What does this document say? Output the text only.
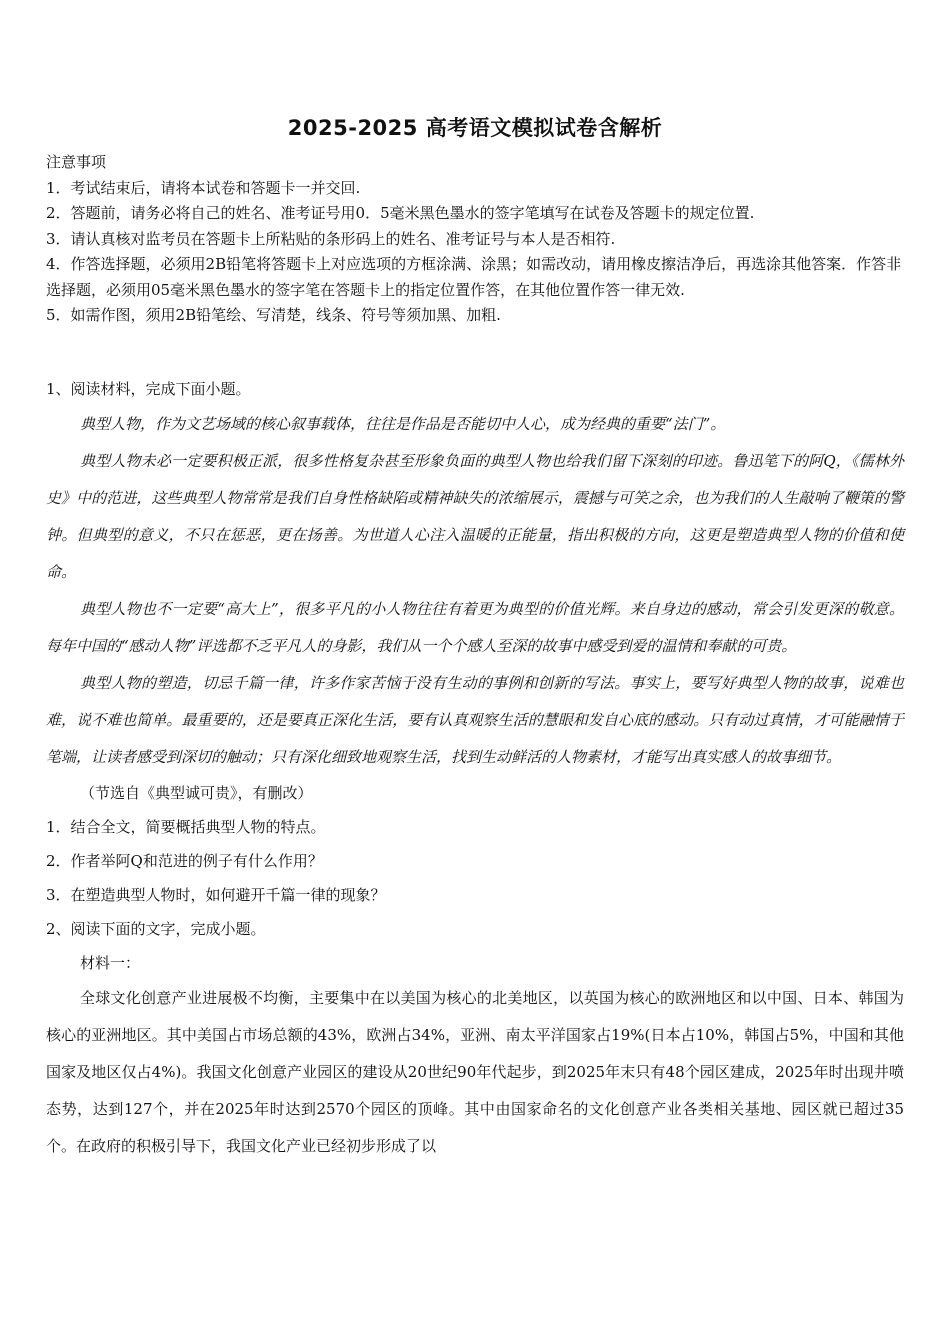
2025-2025 高考语文模拟试卷含解析
注意事项
1．考试结束后，请将本试卷和答题卡一并交回.
2．答题前，请务必将自己的姓名、准考证号用0．5毫米黑色墨水的签字笔填写在试卷及答题卡的规定位置.
3．请认真核对监考员在答题卡上所粘贴的条形码上的姓名、准考证号与本人是否相符.
4．作答选择题，必须用2B铅笔将答题卡上对应选项的方框涂满、涂黑；如需改动，请用橡皮擦洁净后，再选涂其他答案．作答非选择题，必须用05毫米黑色墨水的签字笔在答题卡上的指定位置作答，在其他位置作答一律无效.
5．如需作图，须用2B铅笔绘、写清楚，线条、符号等须加黑、加粗.
1、阅读材料，完成下面小题。
典型人物，作为文艺场域的核心叙事载体，往往是作品是否能切中人心，成为经典的重要“法门”。
典型人物未必一定要积极正派，很多性格复杂甚至形象负面的典型人物也给我们留下深刻的印迹。鲁迅笔下的阿Q，《儒林外史》中的范进，这些典型人物常常是我们自身性格缺陷或精神缺失的浓缩展示，震撼与可笑之余，也为我们的人生敲响了鞭策的警钟。但典型的意义，不只在惩恶，更在扬善。为世道人心注入温暖的正能量，指出积极的方向，这更是塑造典型人物的价值和使命。
典型人物也不一定要“高大上”，很多平凡的小人物往往有着更为典型的价值光辉。来自身边的感动，常会引发更深的敬意。每年中国的“感动人物”评选都不乏平凡人的身影，我们从一个个感人至深的故事中感受到爱的温情和奉献的可贵。
典型人物的塑造，切忌千篇一律，许多作家苦恼于没有生动的事例和创新的写法。事实上，要写好典型人物的故事，说难也难，说不难也简单。最重要的，还是要真正深化生活，要有认真观察生活的慧眼和发自心底的感动。只有动过真情，才可能融情于笔端，让读者感受到深切的触动；只有深化细致地观察生活，找到生动鲜活的人物素材，才能写出真实感人的故事细节。
（节选自《典型诚可贵》，有删改）
1．结合全文，简要概括典型人物的特点。
2．作者举阿Q和范进的例子有什么作用？
3．在塑造典型人物时，如何避开千篇一律的现象？
2、阅读下面的文字，完成小题。
材料一：
全球文化创意产业进展极不均衡，主要集中在以美国为核心的北美地区，以英国为核心的欧洲地区和以中国、日本、韩国为核心的亚洲地区。其中美国占市场总额的43%，欧洲占34%，亚洲、南太平洋国家占19%(日本占10%，韩国占5%，中国和其他国家及地区仅占4%)。我国文化创意产业园区的建设从20世纪90年代起步，到2025年末只有48个园区建成，2025年时出现井喷态势，达到127个，并在2025年时达到2570个园区的顶峰。其中由国家命名的文化创意产业各类相关基地、园区就已超过35个。在政府的积极引导下，我国文化产业已经初步形成了以
